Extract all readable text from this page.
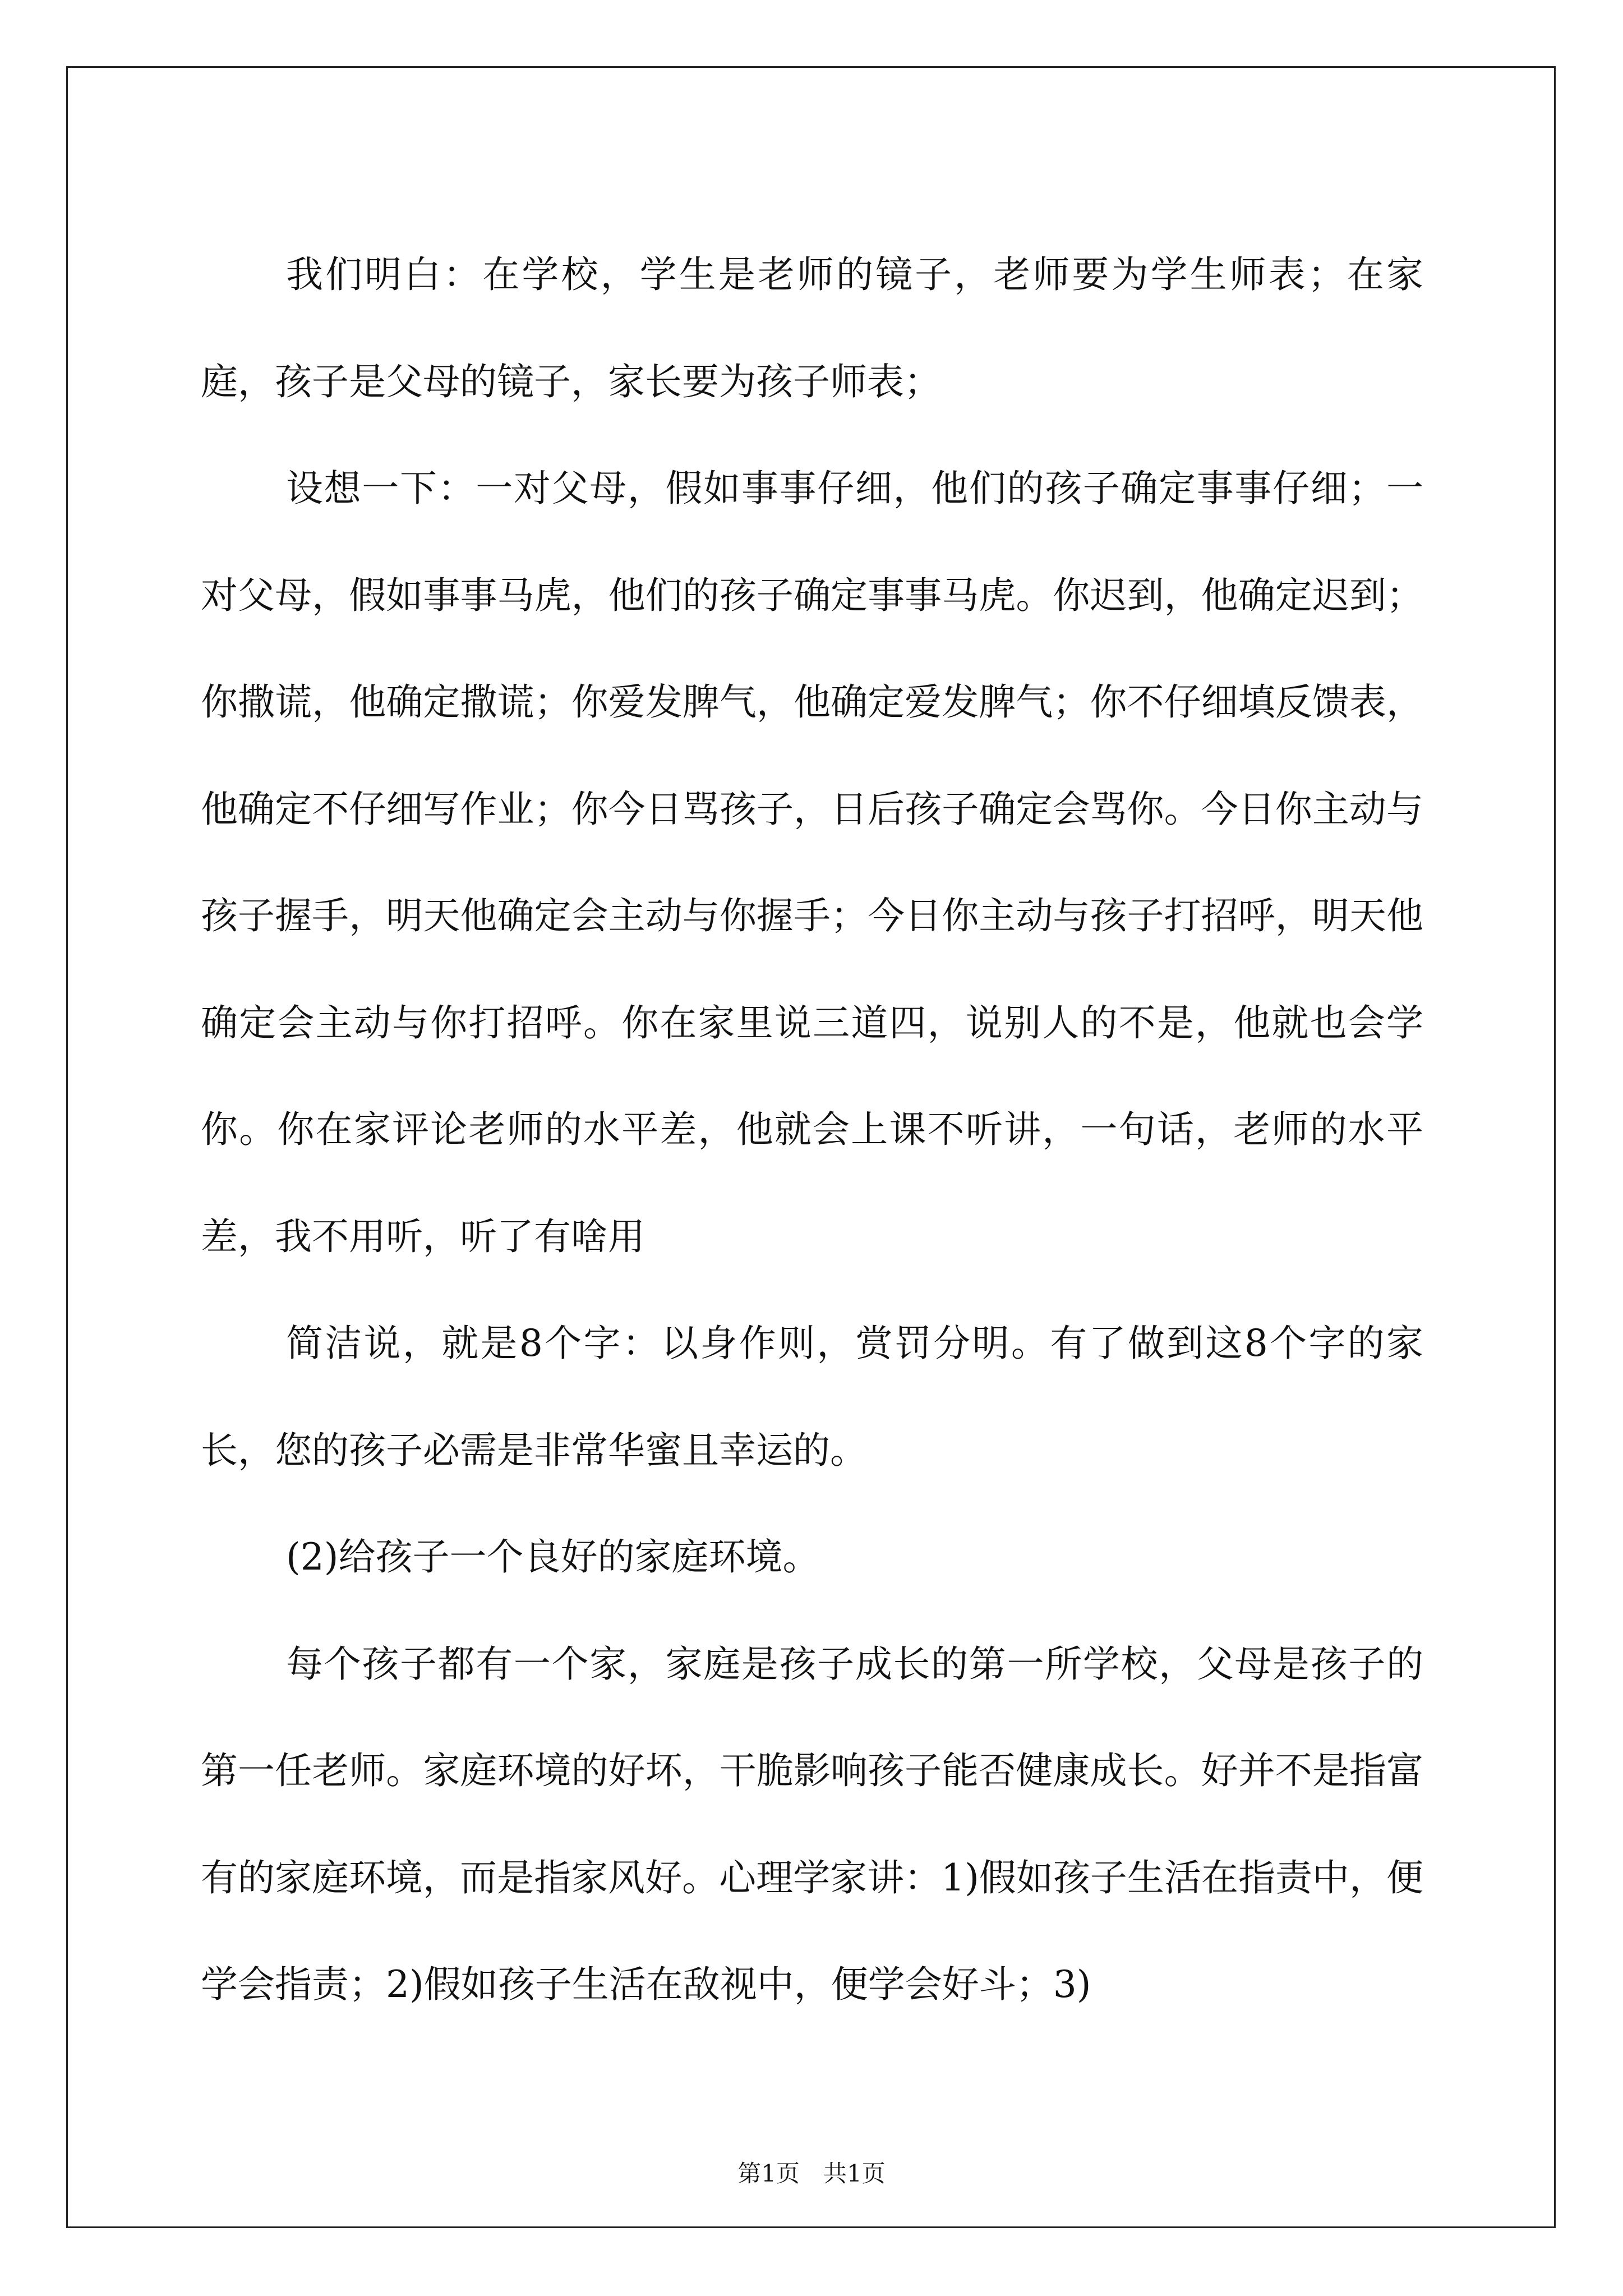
我们明白：在学校，学生是老师的镜子，老师要为学生师表；在家庭，孩子是父母的镜子，家长要为孩子师表；

设想一下：一对父母，假如事事仔细，他们的孩子确定事事仔细；一对父母，假如事事马虎，他们的孩子确定事事马虎。你迟到，他确定迟到；你撒谎，他确定撒谎；你爱发脾气，他确定爱发脾气；你不仔细填反馈表，他确定不仔细写作业；你今日骂孩子，日后孩子确定会骂你。今日你主动与孩子握手，明天他确定会主动与你握手；今日你主动与孩子打招呼，明天他确定会主动与你打招呼。你在家里说三道四，说别人的不是，他就也会学你。你在家评论老师的水平差，他就会上课不听讲，一句话，老师的水平差，我不用听，听了有啥用

简洁说，就是8个字：以身作则，赏罚分明。有了做到这8个字的家长，您的孩子必需是非常华蜜且幸运的。

(2)给孩子一个良好的家庭环境。

每个孩子都有一个家，家庭是孩子成长的第一所学校，父母是孩子的第一任老师。家庭环境的好坏，干脆影响孩子能否健康成长。好并不是指富有的家庭环境，而是指家风好。心理学家讲：1)假如孩子生活在指责中，便学会指责；2)假如孩子生活在敌视中，便学会好斗；3)

第1页　共1页
